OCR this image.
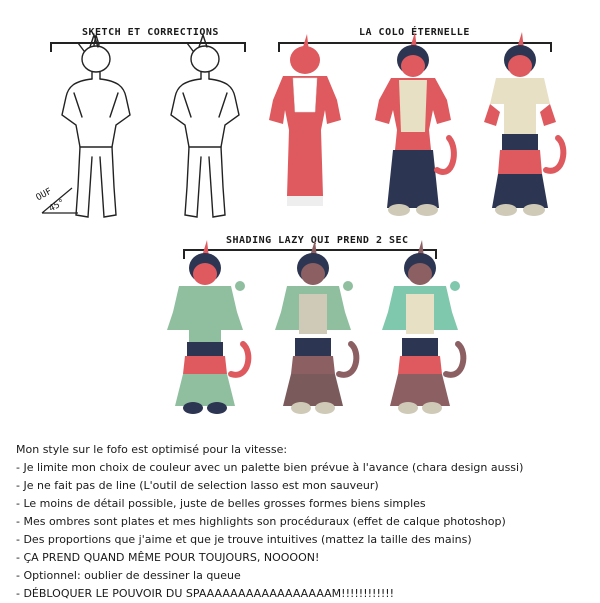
SKETCH ET CORRECTIONS	LA COLO ÉTERNELLE
SHADING LAZY QUI PREND 2 SEC
OUF
45°
Mon style sur le fofo est optimisé pour la vitesse:
- Je limite mon choix de couleur avec un palette bien prévue à l'avance (chara design aussi)
- Je ne fait pas de line (L'outil de selection lasso est mon sauveur)
- Le moins de détail possible, juste de belles grosses formes biens simples
- Mes ombres sont plates et mes highlights son procéduraux (effet de calque photoshop)
- Des proportions que j'aime et que je trouve intuitives (mattez la taille des mains)
- ÇA PREND QUAND MÊME POUR TOUJOURS, NOOOON!
- Optionnel: oublier de dessiner la queue
- DÉBLOQUER LE POUVOIR DU SPAAAAAAAAAAAAAAAAAM!!!!!!!!!!!!
